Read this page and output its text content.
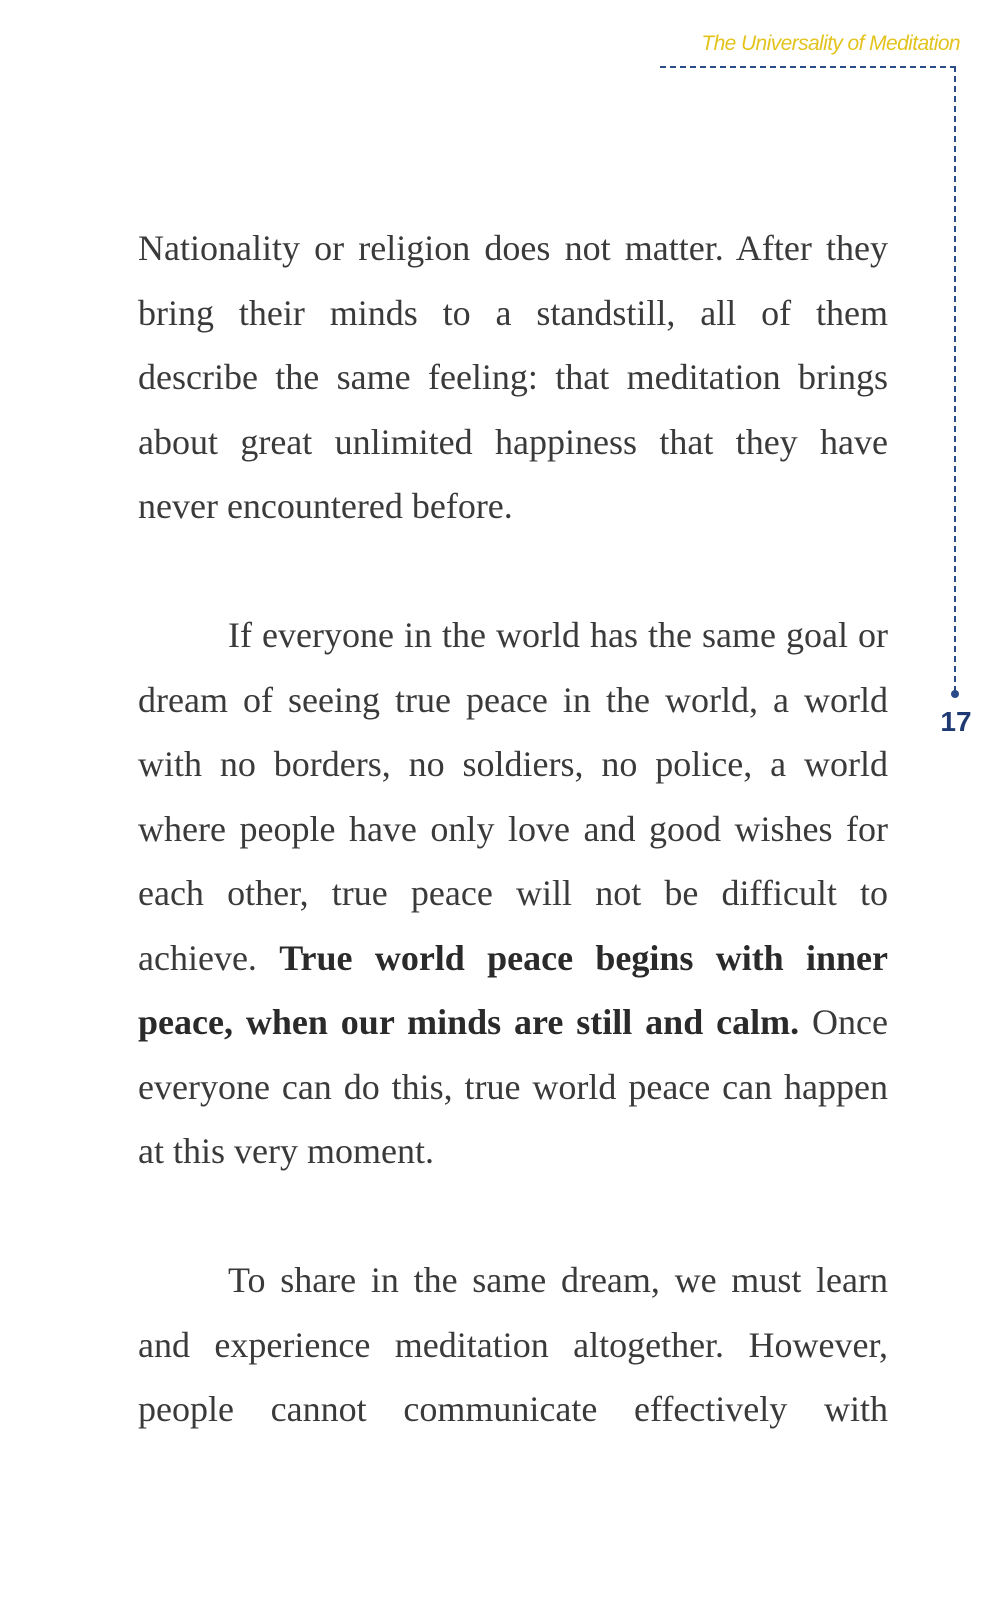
The Universality of Meditation
17

Nationality or religion does not matter. After they bring their minds to a standstill, all of them describe the same feeling: that meditation brings about great unlimited happiness that they have never encountered before.

If everyone in the world has the same goal or dream of seeing true peace in the world, a world with no borders, no soldiers, no police, a world where people have only love and good wishes for each other, true peace will not be difficult to achieve. True world peace begins with inner peace, when our minds are still and calm. Once everyone can do this, true world peace can happen at this very moment.

To share in the same dream, we must learn and experience meditation altogether. However, people cannot communicate effectively with
